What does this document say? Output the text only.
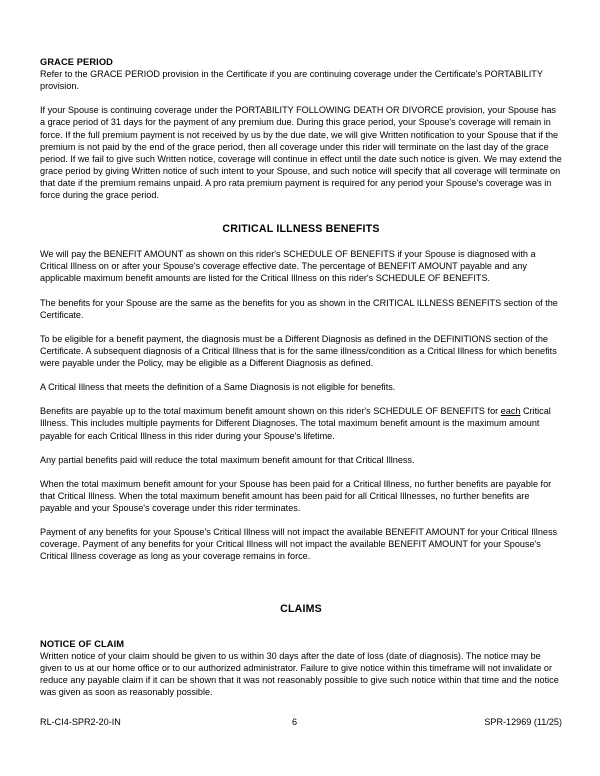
GRACE PERIOD

Refer to the GRACE PERIOD provision in the Certificate if you are continuing coverage under the Certificate's PORTABILITY provision.

If your Spouse is continuing coverage under the PORTABILITY FOLLOWING DEATH OR DIVORCE provision, your Spouse has a grace period of 31 days for the payment of any premium due. During this grace period, your Spouse's coverage will remain in force. If the full premium payment is not received by us by the due date, we will give Written notification to your Spouse that if the premium is not paid by the end of the grace period, then all coverage under this rider will terminate on the last day of the grace period. If we fail to give such Written notice, coverage will continue in effect until the date such notice is given. We may extend the grace period by giving Written notice of such intent to your Spouse, and such notice will specify that all coverage will terminate on that date if the premium remains unpaid. A pro rata premium payment is required for any period your Spouse's coverage was in force during the grace period.

CRITICAL ILLNESS BENEFITS

We will pay the BENEFIT AMOUNT as shown on this rider's SCHEDULE OF BENEFITS if your Spouse is diagnosed with a Critical Illness on or after your Spouse's coverage effective date. The percentage of BENEFIT AMOUNT payable and any applicable maximum benefit amounts are listed for the Critical Illness on this rider's SCHEDULE OF BENEFITS.

The benefits for your Spouse are the same as the benefits for you as shown in the CRITICAL ILLNESS BENEFITS section of the Certificate.

To be eligible for a benefit payment, the diagnosis must be a Different Diagnosis as defined in the DEFINITIONS section of the Certificate. A subsequent diagnosis of a Critical Illness that is for the same illness/condition as a Critical Illness for which benefits were payable under the Policy, may be eligible as a Different Diagnosis as defined.

A Critical Illness that meets the definition of a Same Diagnosis is not eligible for benefits.

Benefits are payable up to the total maximum benefit amount shown on this rider's SCHEDULE OF BENEFITS for each Critical Illness. This includes multiple payments for Different Diagnoses. The total maximum benefit amount is the maximum amount payable for each Critical Illness in this rider during your Spouse's lifetime.

Any partial benefits paid will reduce the total maximum benefit amount for that Critical Illness.

When the total maximum benefit amount for your Spouse has been paid for a Critical Illness, no further benefits are payable for that Critical Illness. When the total maximum benefit amount has been paid for all Critical Illnesses, no further benefits are payable and your Spouse's coverage under this rider terminates.

Payment of any benefits for your Spouse's Critical Illness will not impact the available BENEFIT AMOUNT for your Critical Illness coverage. Payment of any benefits for your Critical Illness will not impact the available BENEFIT AMOUNT for your Spouse's Critical Illness coverage as long as your coverage remains in force.

CLAIMS
NOTICE OF CLAIM

Written notice of your claim should be given to us within 30 days after the date of loss (date of diagnosis). The notice may be given to us at our home office or to our authorized administrator. Failure to give notice within this timeframe will not invalidate or reduce any payable claim if it can be shown that it was not reasonably possible to give such notice within that time and the notice was given as soon as reasonably possible.

RL-CI4-SPR2-20-IN	6	SPR-12969 (11/25)
